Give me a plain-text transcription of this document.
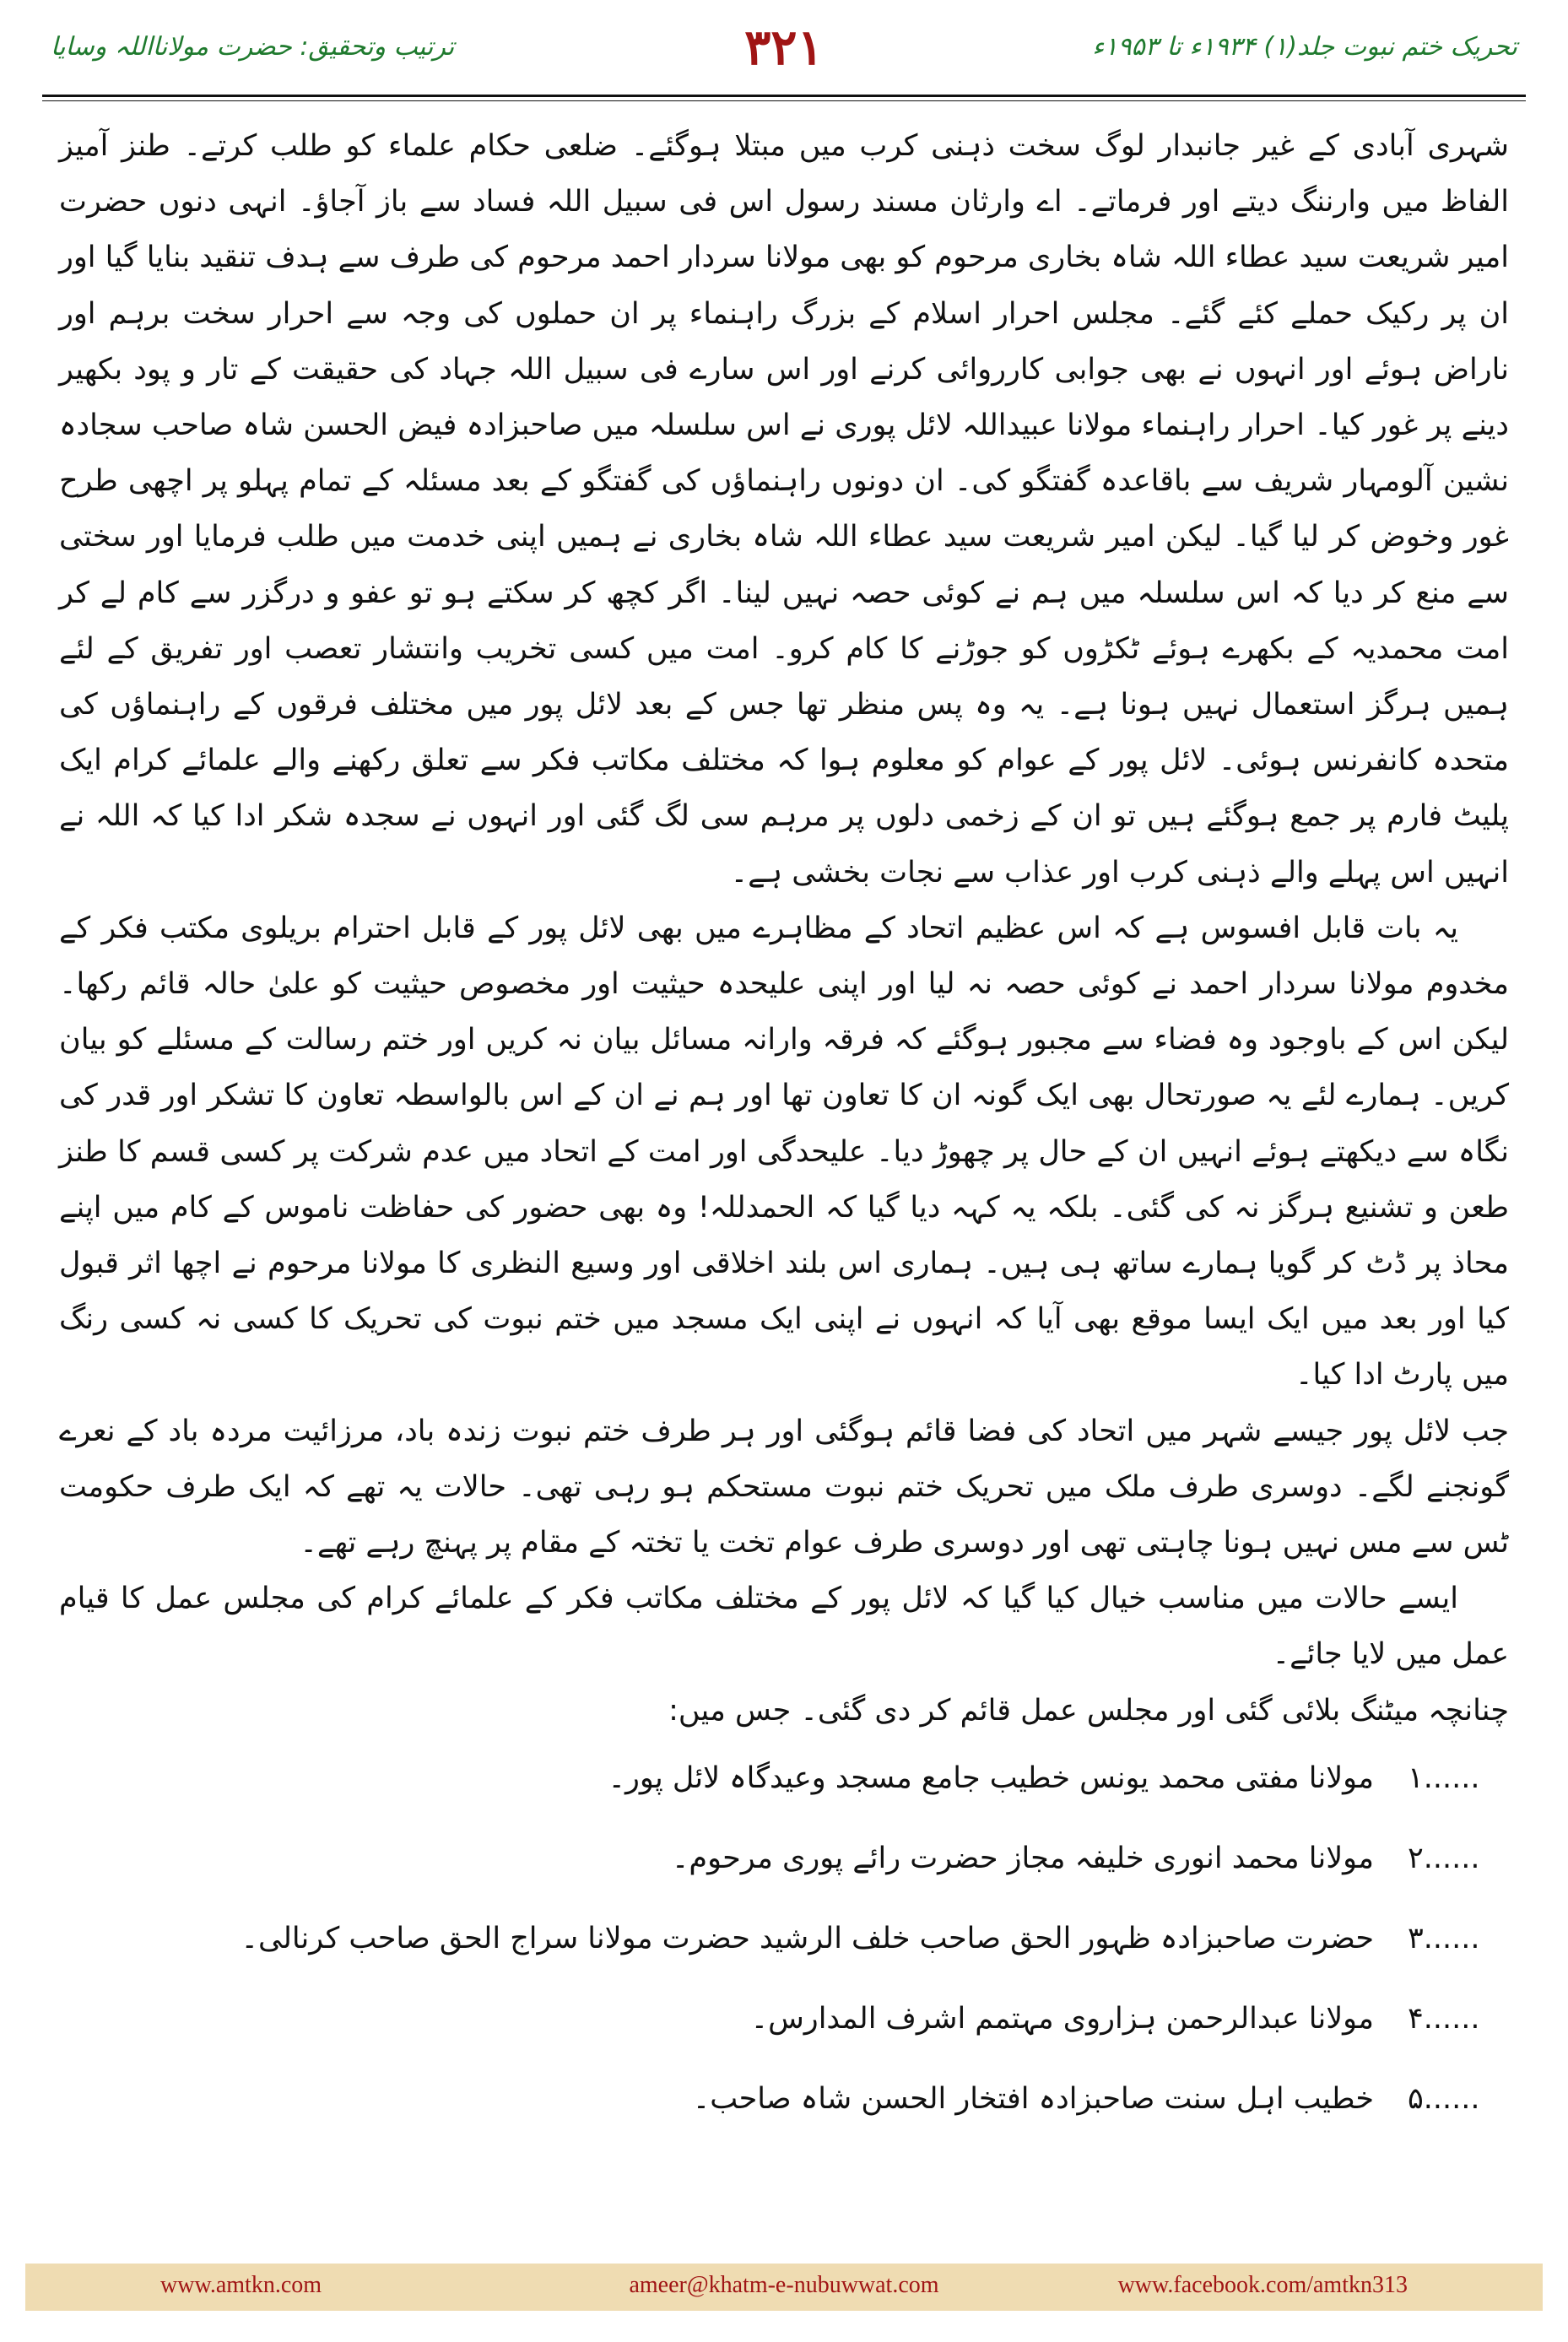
ترتیب وتحقیق: حضرت مولانااللہ وسایا	۳۲۱	تحریک ختم نبوت جلد(۱) ۱۹۳۴ء تا ۱۹۵۳ء

شہری آبادی کے غیر جانبدار لوگ سخت ذہنی کرب میں مبتلا ہوگئے۔ ضلعی حکام علماء کو طلب کرتے۔ طنز آمیز الفاظ میں وارننگ دیتے اور فرماتے۔ اے وارثان مسند رسول اس فی سبیل اللہ فساد سے باز آجاؤ۔ انہی دنوں حضرت امیر شریعت سید عطاء اللہ شاہ بخاری مرحوم کو بھی مولانا سردار احمد مرحوم کی طرف سے ہدف تنقید بنایا گیا اور ان پر رکیک حملے کئے گئے۔ مجلس احرار اسلام کے بزرگ راہنماء پر ان حملوں کی وجہ سے احرار سخت برہم اور ناراض ہوئے اور انہوں نے بھی جوابی کارروائی کرنے اور اس سارے فی سبیل اللہ جہاد کی حقیقت کے تار و پود بکھیر دینے پر غور کیا۔ احرار راہنماء مولانا عبیداللہ لائل پوری نے اس سلسلہ میں صاحبزادہ فیض الحسن شاہ صاحب سجادہ نشین آلومہار شریف سے باقاعدہ گفتگو کی۔ ان دونوں راہنماؤں کی گفتگو کے بعد مسئلہ کے تمام پہلو پر اچھی طرح غور وخوض کر لیا گیا۔ لیکن امیر شریعت سید عطاء اللہ شاہ بخاری نے ہمیں اپنی خدمت میں طلب فرمایا اور سختی سے منع کر دیا کہ اس سلسلہ میں ہم نے کوئی حصہ نہیں لینا۔ اگر کچھ کر سکتے ہو تو عفو و درگزر سے کام لے کر امت محمدیہ کے بکھرے ہوئے ٹکڑوں کو جوڑنے کا کام کرو۔ امت میں کسی تخریب وانتشار تعصب اور تفریق کے لئے ہمیں ہرگز استعمال نہیں ہونا ہے۔ یہ وہ پس منظر تھا جس کے بعد لائل پور میں مختلف فرقوں کے راہنماؤں کی متحدہ کانفرنس ہوئی۔ لائل پور کے عوام کو معلوم ہوا کہ مختلف مکاتب فکر سے تعلق رکھنے والے علمائے کرام ایک پلیٹ فارم پر جمع ہوگئے ہیں تو ان کے زخمی دلوں پر مرہم سی لگ گئی اور انہوں نے سجدہ شکر ادا کیا کہ اللہ نے انہیں اس پہلے والے ذہنی کرب اور عذاب سے نجات بخشی ہے۔

یہ بات قابل افسوس ہے کہ اس عظیم اتحاد کے مظاہرے میں بھی لائل پور کے قابل احترام بریلوی مکتب فکر کے مخدوم مولانا سردار احمد نے کوئی حصہ نہ لیا اور اپنی علیحدہ حیثیت اور مخصوص حیثیت کو علیٰ حالہ قائم رکھا۔ لیکن اس کے باوجود وہ فضاء سے مجبور ہوگئے کہ فرقہ وارانہ مسائل بیان نہ کریں اور ختم رسالت کے مسئلے کو بیان کریں۔ ہمارے لئے یہ صورتحال بھی ایک گونہ ان کا تعاون تھا اور ہم نے ان کے اس بالواسطہ تعاون کا تشکر اور قدر کی نگاہ سے دیکھتے ہوئے انہیں ان کے حال پر چھوڑ دیا۔ علیحدگی اور امت کے اتحاد میں عدم شرکت پر کسی قسم کا طنز طعن و تشنیع ہرگز نہ کی گئی۔ بلکہ یہ کہہ دیا گیا کہ الحمدللہ! وہ بھی حضور کی حفاظت ناموس کے کام میں اپنے محاذ پر ڈٹ کر گویا ہمارے ساتھ ہی ہیں۔ ہماری اس بلند اخلاقی اور وسیع النظری کا مولانا مرحوم نے اچھا اثر قبول کیا اور بعد میں ایک ایسا موقع بھی آیا کہ انہوں نے اپنی ایک مسجد میں ختم نبوت کی تحریک کا کسی نہ کسی رنگ میں پارٹ ادا کیا۔

جب لائل پور جیسے شہر میں اتحاد کی فضا قائم ہوگئی اور ہر طرف ختم نبوت زندہ باد، مرزائیت مردہ باد کے نعرے گونجنے لگے۔ دوسری طرف ملک میں تحریک ختم نبوت مستحکم ہو رہی تھی۔ حالات یہ تھے کہ ایک طرف حکومت ٹس سے مس نہیں ہونا چاہتی تھی اور دوسری طرف عوام تخت یا تختہ کے مقام پر پہنچ رہے تھے۔

ایسے حالات میں مناسب خیال کیا گیا کہ لائل پور کے مختلف مکاتب فکر کے علمائے کرام کی مجلس عمل کا قیام عمل میں لایا جائے۔

چنانچہ میٹنگ بلائی گئی اور مجلس عمل قائم کر دی گئی۔ جس میں:

۱......
مولانا مفتی محمد یونس خطیب جامع مسجد وعیدگاہ لائل پور۔
۲......
مولانا محمد انوری خلیفہ مجاز حضرت رائے پوری مرحوم۔
۳......
حضرت صاحبزادہ ظہور الحق صاحب خلف الرشید حضرت مولانا سراج الحق صاحب کرنالی۔
۴......
مولانا عبدالرحمن ہزاروی مہتمم اشرف المدارس۔
۵......
خطیب اہل سنت صاحبزادہ افتخار الحسن شاہ صاحب۔
www.amtkn.com	ameer@khatm-e-nubuwwat.com	www.facebook.com/amtkn313
